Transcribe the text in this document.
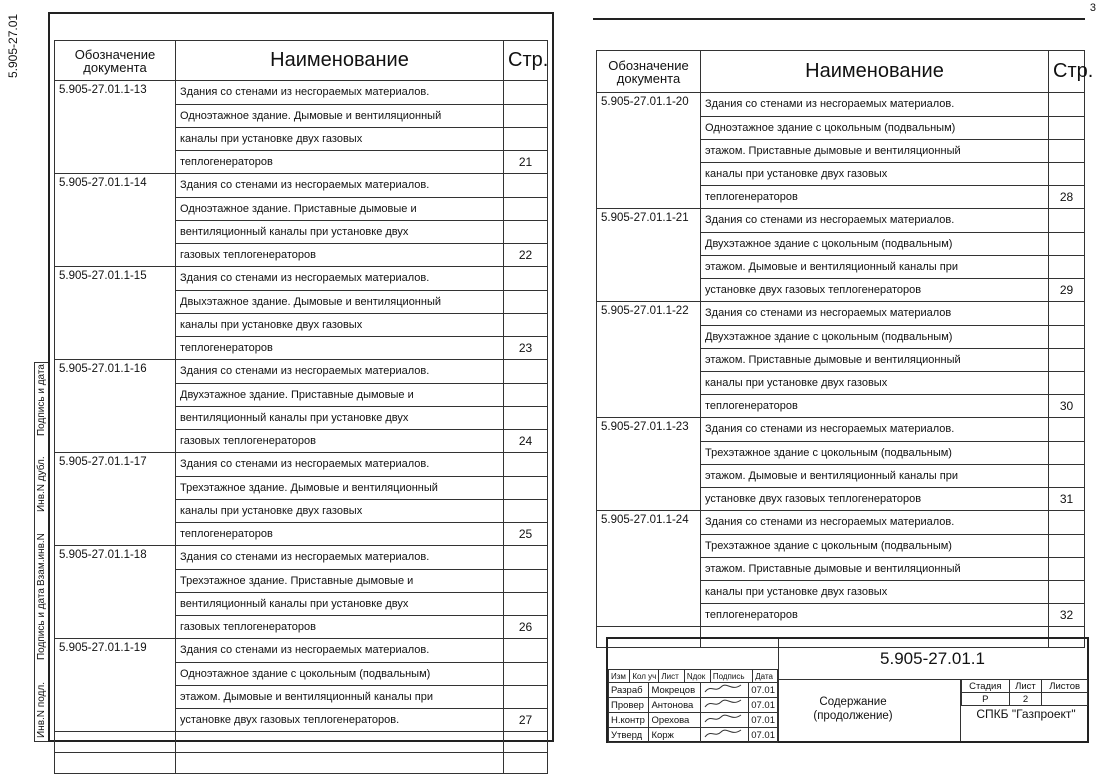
3
5.905-27.01
Инв.N подл.
Подпись и дата
Взам.инв.N
Инв.N дубл.
Подпись и дата
Обозначение документа	Наименование	Стр.
5.905-27.01.1-13	Здания со стенами из несгораемых материалов.	
	Одноэтажное здание. Дымовые и вентиляционный	
	каналы при установке двух газовых	
	теплогенераторов	21
5.905-27.01.1-14	Здания со стенами из несгораемых материалов.	
	Одноэтажное здание. Приставные дымовые и	
	вентиляционный каналы при установке двух	
	газовых теплогенераторов	22
5.905-27.01.1-15	Здания со стенами из несгораемых материалов.	
	Двыхэтажное здание. Дымовые и вентиляционный	
	каналы при установке двух газовых	
	теплогенераторов	23
5.905-27.01.1-16	Здания со стенами из несгораемых материалов.	
	Двухэтажное здание. Приставные дымовые и	
	вентиляционный каналы при установке двух	
	газовых теплогенераторов	24
5.905-27.01.1-17	Здания со стенами из несгораемых материалов.	
	Трехэтажное здание. Дымовые и вентиляционный	
	каналы при установке двух газовых	
	теплогенераторов	25
5.905-27.01.1-18	Здания со стенами из несгораемых материалов.	
	Трехэтажное здание. Приставные дымовые и	
	вентиляционный каналы при установке двух	
	газовых теплогенераторов	26
5.905-27.01.1-19	Здания со стенами из несгораемых материалов.	
	Одноэтажное здание с цокольным (подвальным)	
	этажом. Дымовые и вентиляционный каналы при	
	установке двух газовых теплогенераторов.	27

Обозначение документа	Наименование	Стр.
5.905-27.01.1-20	Здания со стенами из несгораемых материалов.	
	Одноэтажное здание с цокольным (подвальным)	
	этажом. Приставные дымовые и вентиляционный	
	каналы при установке двух газовых	
	теплогенераторов	28
5.905-27.01.1-21	Здания со стенами из несгораемых материалов.	
	Двухэтажное здание с цокольным (подвальным)	
	этажом. Дымовые и вентиляционный каналы при	
	установке двух газовых теплогенераторов	29
5.905-27.01.1-22	Здания со стенами из несгораемых материалов	
	Двухэтажное здание с цокольным (подвальным)	
	этажом. Приставные дымовые и вентиляционный	
	каналы при установке двух газовых	
	теплогенераторов	30
5.905-27.01.1-23	Здания со стенами из несгораемых материалов.	
	Трехэтажное здание с цокольным (подвальным)	
	этажом. Дымовые и вентиляционный каналы при	
	установке двух газовых теплогенераторов	31
5.905-27.01.1-24	Здания со стенами из несгораемых материалов.	
	Трехэтажное здание с цокольным (подвальным)	
	этажом. Приставные дымовые и вентиляционный	
	каналы при установке двух газовых	
	теплогенераторов	32

Изм	Кол уч	Лист	Nдок	Подпись	Дата
Разраб	Мокрецов		07.01
Провер	Антонова		07.01
Н.контр	Орехова		07.01
Утверд	Корж		07.01
5.905-27.01.1
Содержание (продолжение)
Стадия	Лист	Листов
Р	2	
СПКБ "Газпроект"
